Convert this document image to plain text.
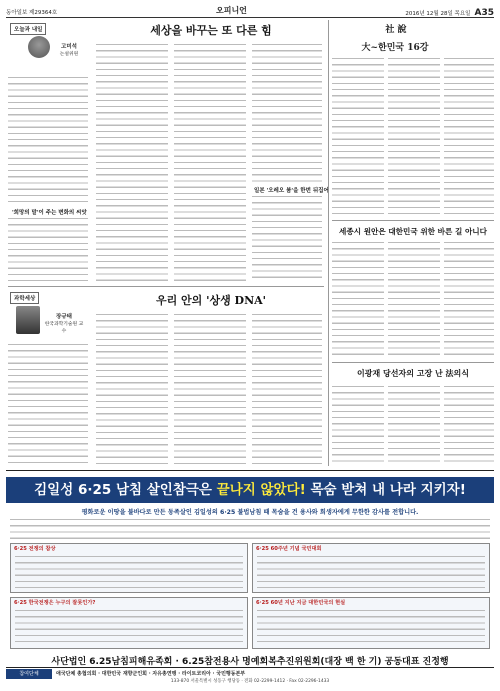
동아일보 제29364호	오피니언	2016년 12월 28일 목요일 A35
오늘과 내일
고미석
논설위원
'희망의 말'이 주는 변화의 씨앗
세상을 바꾸는 또 다른 힘
일본 '오레오 붐'을 한번 뒤집어
과학세상
장규태
한국과학기술원 교수
우리 안의 '상생 DNA'
社 說
大~한민국 16강
세종시 원안은 대한민국 위한 바른 길 아니다
이광재 당선자의 고장 난 法의식
김일성 6·25 남침 살인참극은 끝나지 않았다! 목숨 받쳐 내 나라 지키자!
평화로운 이땅을 불바다로 만든 동족살인 김일성의 6·25 불법남침 때 목숨을 건 용사와 희생자에게 무한한 감사를 전합니다.
6·25 전쟁의 참상	6·25 60주년 기념 국민대회
6·25 한국전쟁은 누구의 잘못인가?	6·25 60년 지난 지금 대한민국의 현실
사단법인 6.25남침피해유족회 · 6.25참전용사 명예회복추진위원회(대장 백 한 기) 공동대표 진정행
참여단체	애국단체 총협의회 · 대한민국 재향군인회 · 자유총연맹 · 라이트코리아 · 국민행동본부
133-870 서울특별시 성동구 행당동 · 전화 02-2299-1412 · Fax 02-2296-1433
